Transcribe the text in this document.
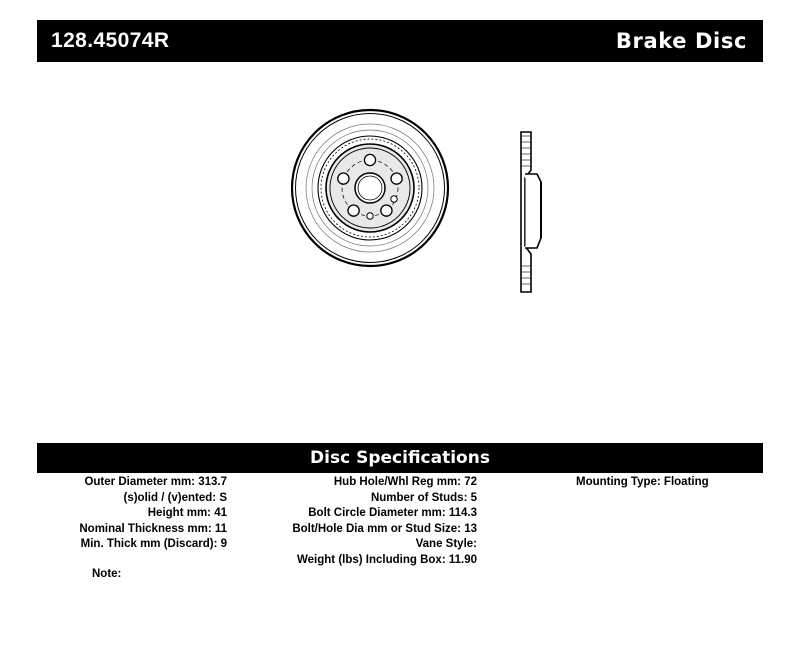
128.45074R	Brake Disc
Disc Specifications
Outer Diameter mm: 313.7
(s)olid / (v)ented: S
Height mm: 41
Nominal Thickness mm: 11
Min. Thick mm (Discard): 9
Hub Hole/Whl Reg mm: 72
Number of Studs: 5
Bolt Circle Diameter mm: 114.3
Bolt/Hole Dia mm or Stud Size: 13
Vane Style:
Weight (lbs) Including Box: 11.90
Mounting Type: Floating
Note:
